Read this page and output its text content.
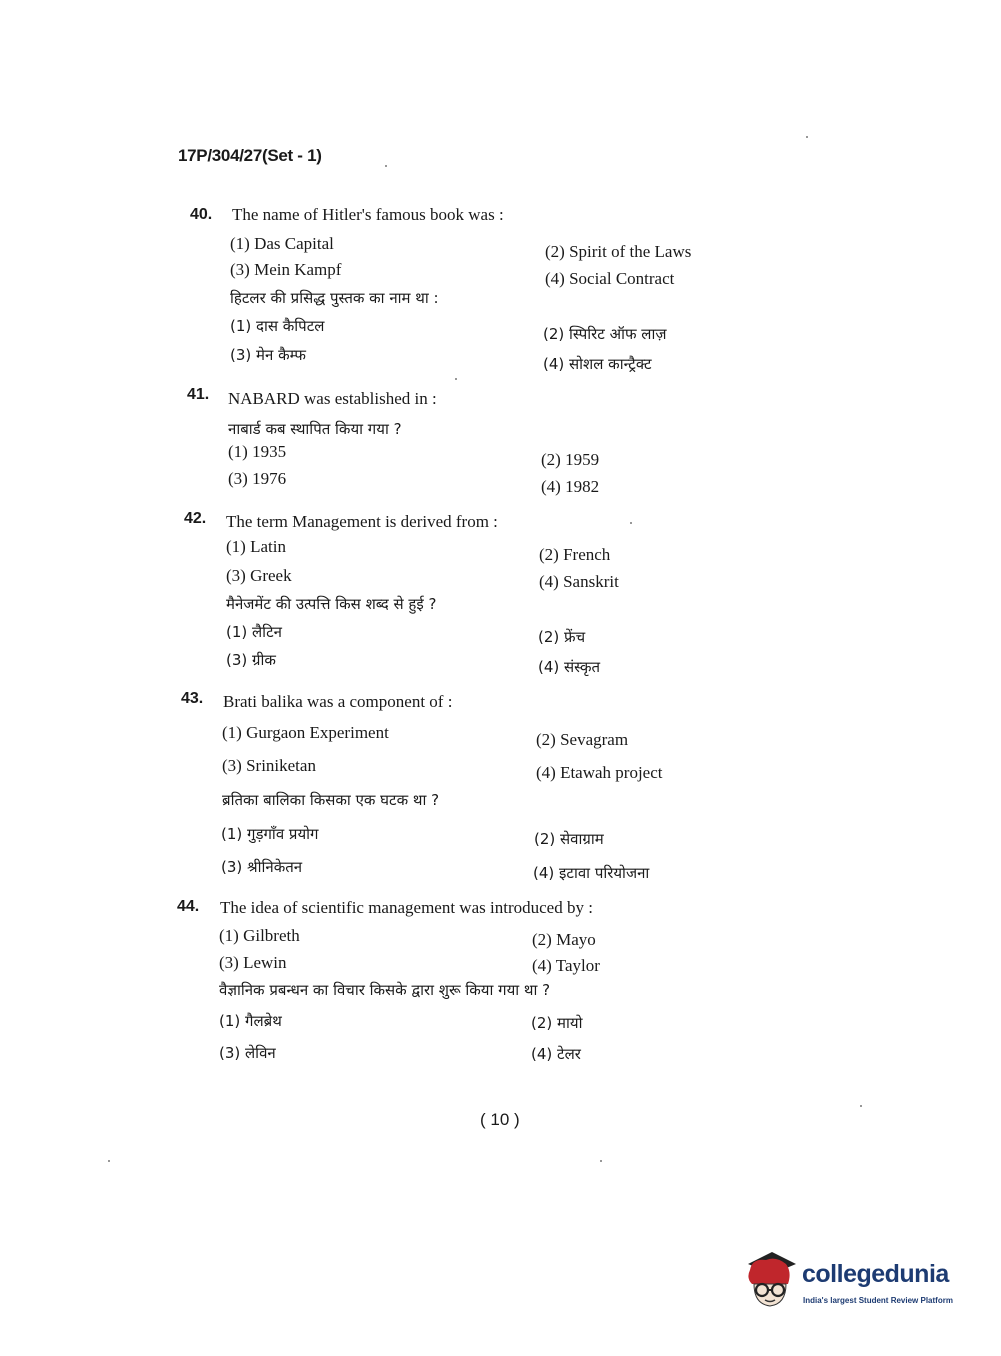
17P/304/27(Set - 1)
40. The name of Hitler's famous book was :
(1) Das Capital	(2) Spirit of the Laws
(3) Mein Kampf	(4) Social Contract
हिटलर की प्रसिद्ध पुस्तक का नाम था :
(1) दास कैपिटल	(2) स्पिरिट ऑफ लाज़
(3) मेन कैम्फ	(4) सोशल कान्ट्रैक्ट
41. NABARD was established in :
नाबार्ड कब स्थापित किया गया ?
(1) 1935	(2) 1959
(3) 1976	(4) 1982
42. The term Management is derived from :
(1) Latin	(2) French
(3) Greek	(4) Sanskrit
मैनेजमेंट की उत्पत्ति किस शब्द से हुई ?
(1) लैटिन	(2) फ्रेंच
(3) ग्रीक	(4) संस्कृत
43. Brati balika was a component of :
(1) Gurgaon Experiment	(2) Sevagram
(3) Sriniketan	(4) Etawah project
ब्रतिका बालिका किसका एक घटक था ?
(1) गुड़गाँव प्रयोग	(2) सेवाग्राम
(3) श्रीनिकेतन	(4) इटावा परियोजना
44. The idea of scientific management was introduced by :
(1) Gilbreth	(2) Mayo
(3) Lewin	(4) Taylor
वैज्ञानिक प्रबन्धन का विचार किसके द्वारा शुरू किया गया था ?
(1) गैलब्रेथ	(2) मायो
(3) लेविन	(4) टेलर
( 10 )
collegedunia
India's largest Student Review Platform
